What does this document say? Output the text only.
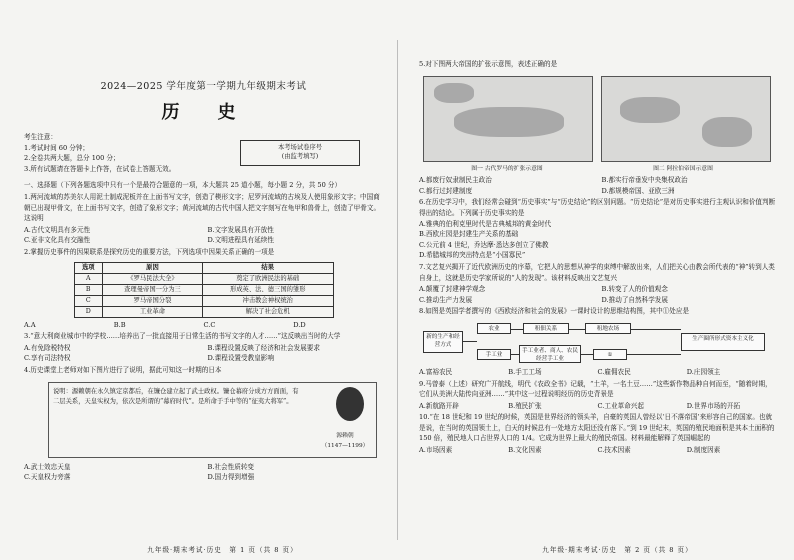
2024—2025 学年度第一学期九年级期末考试
历　史
考生注意：
1.考试时间 60 分钟；
2.全卷共两大题，总分 100 分；
3.所有试题请在答题卡上作答，在试卷上答题无效。
本考场试卷序号
(由监考填写)
一、选择题（下列各题选项中只有一个是最符合题意的一项，本大题共 25 道小题，每小题 2 分，共 50 分）
1.两河流域的苏美尔人用泥土制成泥板并在上面书写文字，创造了楔形文字；尼罗河流域的古埃及人使用象形文字；中国商朝已出现甲骨文，在上面书写文字，创造了象形文字；黄河流域的古代中国人把文字刻写在龟甲和兽骨上，创造了甲骨文。这说明
A.古代文明具有多元性	B.文字发展具有开放性
C.亚非文化具有交融性	D.文明进程具有延续性
2.掌握历史事件的因果联系是探究历史的重要方法，下列选项中因果关系正确的一项是
选项	原因	结果
A	《罗马民法大全》	奠定了欧洲民法的基础
B	查理曼帝国一分为三	形成英、法、德三国的雏形
C	罗马帝国分裂	冲击教会神权统治
D	工业革命	解决了社会危机
A.A	B.B	C.C	D.D
3.“意大利商业城市中的学校……培养出了一批直接用于日常生活的书写文字的人才……”这反映出当时的大学
A.有免除税特权	B.课程设置反映了经济和社会发展要求
C.享有司法特权	D.课程设置受教皇影响
4.历史课堂上老师对如下图片进行了说明，据此可知这一时期的日本
说明：源赖朝在永久镇定京都后，在镰仓建立起了武士政权。镰仓幕府分成方方面面，有二层关系，天皇实权为，依次是所谓的“幕府时代”。是所命于手中等的“征夷大将军”。
源赖朝
（1147—1199）
A.武士效忠天皇	B.社会性质转变
C.天皇权力旁落	D.国力得到增强
九年级·期末考试·历史　第 1 页（共 8 页）
5.对下图两大帝国的扩张示意图，表述正确的是
图一 古代罗马的扩张示意图	图二 阿拉伯帝国示意图
A.都废行奴隶制民主政治	B.都实行帝垂发中央集权政治
C.都行过封建制度	D.都规模帝国、亚欧三洲
6.在历史学习中，我们经常会碰到“历史事实”与“历史结论”的区别问题。“历史结论”是对历史事实进行主观认识和价值判断得出的结论。下列属于历史事实的是
A.雅典的伯利克里时代是古典城邦的黄金时代
B.西欧庄园是封建生产关系的基础
C.公元前 4 世纪，乔达摩·悉达多创立了佛教
D.希腊城邦的突出特点是“小国寡民”
7.文艺复兴揭开了近代欧洲历史的序幕，它把人的思想从神学的束缚中解放出来，人们把关心由教会所代表的“神”转到人类自身上，这就是历史学家所说的“人的发现”。该材料反映出文艺复兴
A.颠覆了封建神学观念	B.转变了人的价值观念
C.推动生产力发展	D.推动了自然科学发展
8.如图是英国学者撰写的《西欧经济和社会的发展》一课时设计的思维结构图，其中①处应是
新的生产和经营方式
农业	租佃关系	租地农场
手工业
手工业者、商人、农民经营手工业
①
生产圈所形式资本主义化
A.富裕农民	B.手工工场	C.雇佣农民	D.庄园领主
9.马曾泰（上述）研究广开航线，明代《农政全书》记载，“土羊，一名土豆……”这些新作物品种自何而至，“随着时期，它们从美洲大陆传向亚洲……”其中这一过程说明经历的历史背景是
A.新航路开辟	B.殖民扩张	C.工业革命兴起	D.世界市场的开拓
10.“在 18 世纪和 19 世纪的时候，英国是世界经济的领头羊，自豪的英国人曾经以‘日不落帝国’来形容自己的国家。也就是说，在当时的英国领土上，白天的时候总有一处地方太阳还没有落下。”到 19 世纪末，英国的殖民地面积是其本土面积的 150 倍，殖民地人口占世界人口的 1/4。它成为世界上最大的殖民帝国。材料最能解释了英国崛起的
A.市场因素	B.文化因素	C.技术因素	D.制度因素
九年级·期末考试·历史　第 2 页（共 8 页）
